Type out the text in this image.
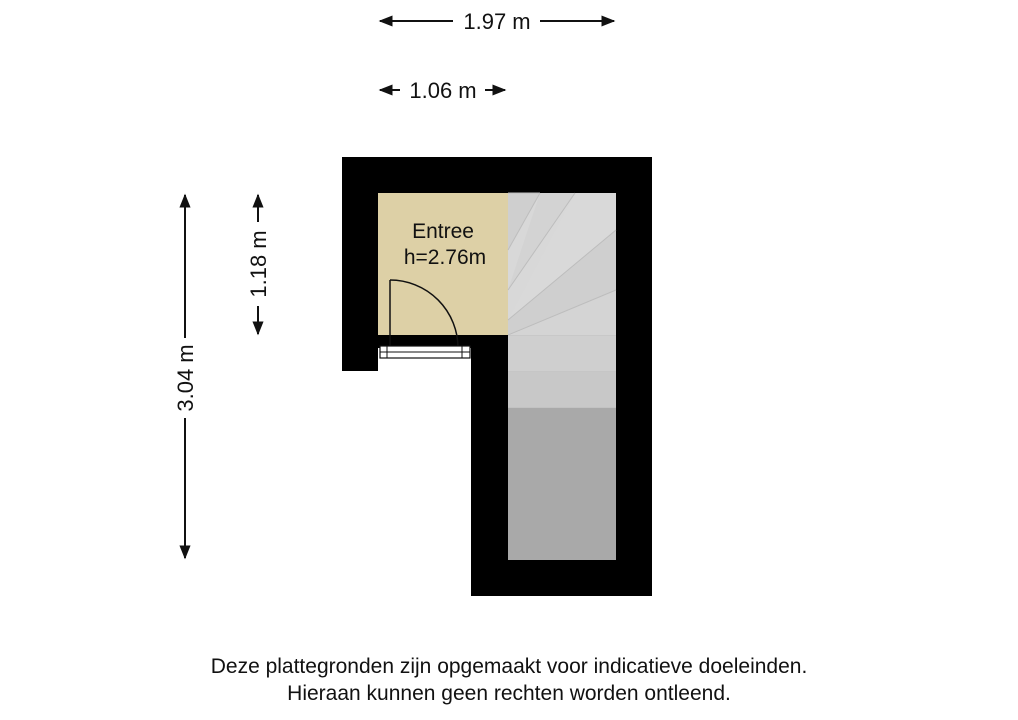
1.97 m
1.06 m
3.04 m
1.18 m	Entree
h=2.76m
Deze plattegronden zijn opgemaakt voor indicatieve doeleinden.
Hieraan kunnen geen rechten worden ontleend.
